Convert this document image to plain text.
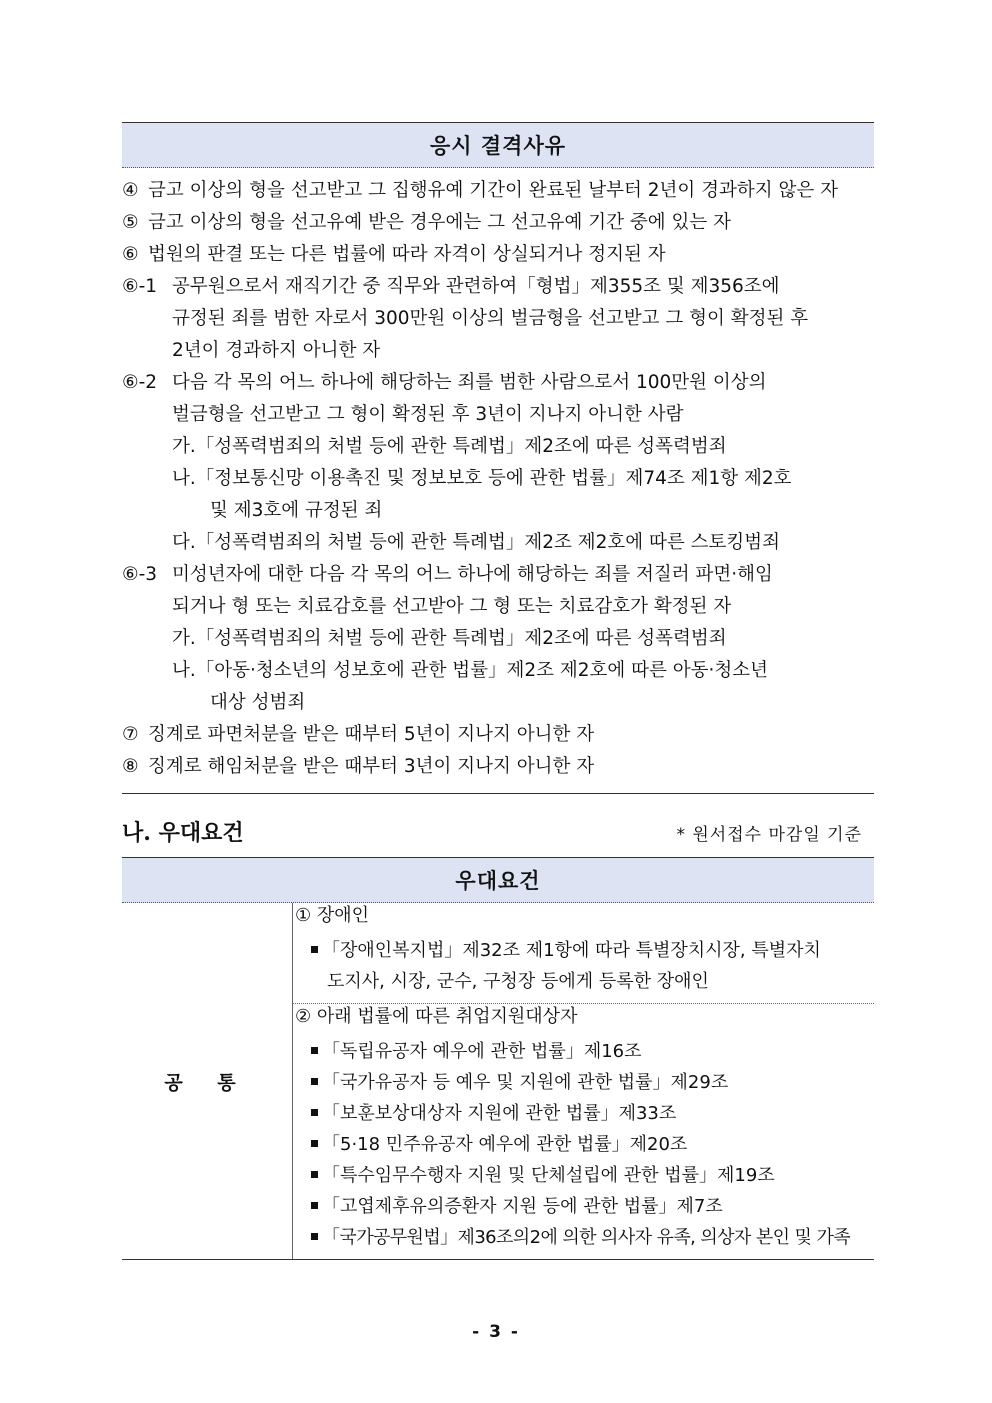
응시 결격사유
④ 금고 이상의 형을 선고받고 그 집행유예 기간이 완료된 날부터 2년이 경과하지 않은 자
⑤ 금고 이상의 형을 선고유예 받은 경우에는 그 선고유예 기간 중에 있는 자
⑥ 법원의 판결 또는 다른 법률에 따라 자격이 상실되거나 정지된 자
⑥-1 공무원으로서 재직기간 중 직무와 관련하여「형법」제355조 및 제356조에
규정된 죄를 범한 자로서 300만원 이상의 벌금형을 선고받고 그 형이 확정된 후
2년이 경과하지 아니한 자
⑥-2 다음 각 목의 어느 하나에 해당하는 죄를 범한 사람으로서 100만원 이상의
벌금형을 선고받고 그 형이 확정된 후 3년이 지나지 아니한 사람
가.「성폭력범죄의 처벌 등에 관한 특례법」제2조에 따른 성폭력범죄
나.「정보통신망 이용촉진 및 정보보호 등에 관한 법률」제74조 제1항 제2호
및 제3호에 규정된 죄
다.「성폭력범죄의 처벌 등에 관한 특례법」제2조 제2호에 따른 스토킹범죄
⑥-3 미성년자에 대한 다음 각 목의 어느 하나에 해당하는 죄를 저질러 파면·해임
되거나 형 또는 치료감호를 선고받아 그 형 또는 치료감호가 확정된 자
가.「성폭력범죄의 처벌 등에 관한 특례법」제2조에 따른 성폭력범죄
나.「아동·청소년의 성보호에 관한 법률」제2조 제2호에 따른 아동·청소년
대상 성범죄
⑦ 징계로 파면처분을 받은 때부터 5년이 지나지 아니한 자
⑧ 징계로 해임처분을 받은 때부터 3년이 지나지 아니한 자
나. 우대요건	* 원서접수 마감일 기준
우대요건
공 통
① 장애인
「장애인복지법」제32조 제1항에 따라 특별장치시장, 특별자치
도지사, 시장, 군수, 구청장 등에게 등록한 장애인
② 아래 법률에 따른 취업지원대상자
「독립유공자 예우에 관한 법률」제16조
「국가유공자 등 예우 및 지원에 관한 법률」제29조
「보훈보상대상자 지원에 관한 법률」제33조
「5·18 민주유공자 예우에 관한 법률」제20조
「특수임무수행자 지원 및 단체설립에 관한 법률」제19조
「고엽제후유의증환자 지원 등에 관한 법률」제7조
「국가공무원법」제36조의2에 의한 의사자 유족, 의상자 본인 및 가족
- 3 -
